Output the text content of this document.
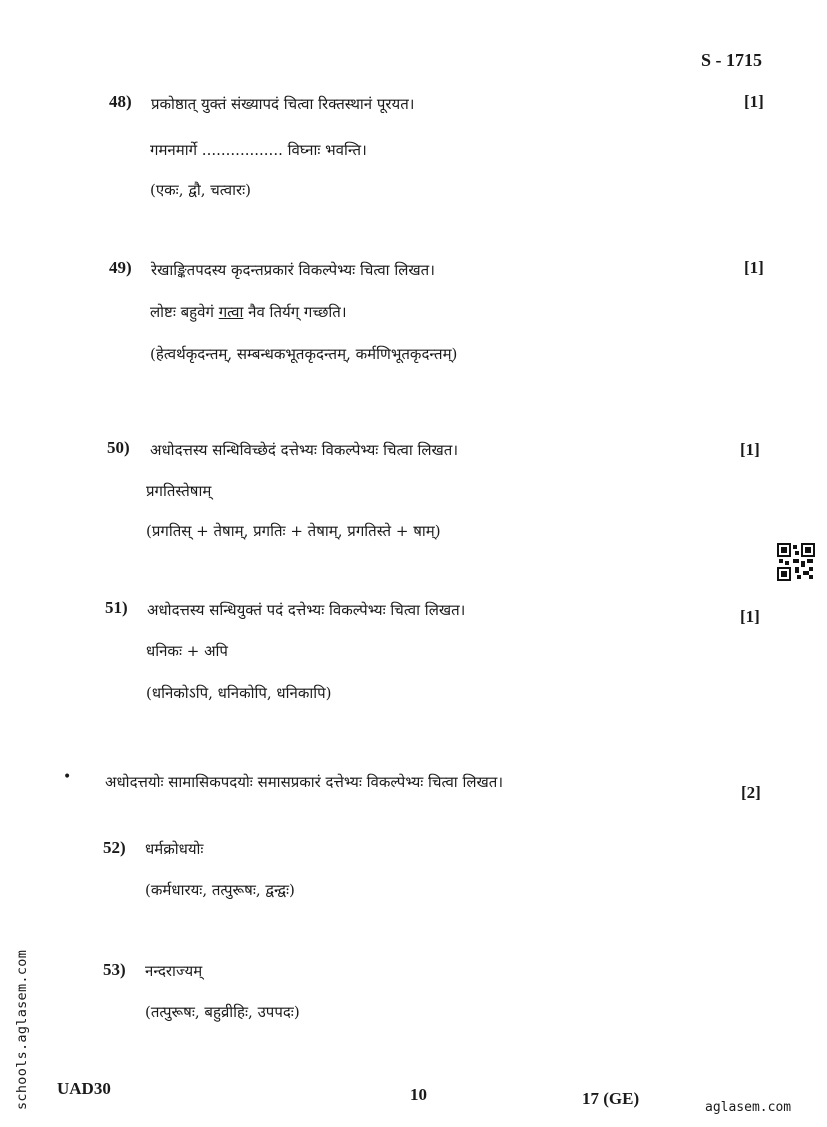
S - 1715
48) प्रकोष्ठात् युक्तं संख्यापदं चित्वा रिक्तस्थानं पूरयत।	[1]
गमनमार्गे ................. विघ्नाः भवन्ति।
(एकः, द्वौ, चत्वारः)
49) रेखाङ्कितपदस्य कृदन्तप्रकारं विकल्पेभ्यः चित्वा लिखत।	[1]
लोष्टः बहुवेगं गत्वा नैव तिर्यग् गच्छति।
(हेत्वर्थकृदन्तम्, सम्बन्धकभूतकृदन्तम्, कर्मणिभूतकृदन्तम्)
50) अधोदत्तस्य सन्धिविच्छेदं दत्तेभ्यः विकल्पेभ्यः चित्वा लिखत।	[1]
प्रगतिस्तेषाम्
(प्रगतिस् + तेषाम्, प्रगतिः + तेषाम्, प्रगतिस्ते + षाम्)
51) अधोदत्तस्य सन्धियुक्तं पदं दत्तेभ्यः विकल्पेभ्यः चित्वा लिखत।	[1]
धनिकः + अपि
(धनिकोऽपि, धनिकोपि, धनिकापि)
• अधोदत्तयोः सामासिकपदयोः समासप्रकारं दत्तेभ्यः विकल्पेभ्यः चित्वा लिखत।
[2]
52) धर्मक्रोधयोः
(कर्मधारयः, तत्पुरूषः, द्वन्द्वः)
53) नन्दराज्यम्
(तत्पुरूषः, बहुव्रीहिः, उपपदः)
schools.aglasem.com UAD30	10	17 (GE)	aglasem.com
